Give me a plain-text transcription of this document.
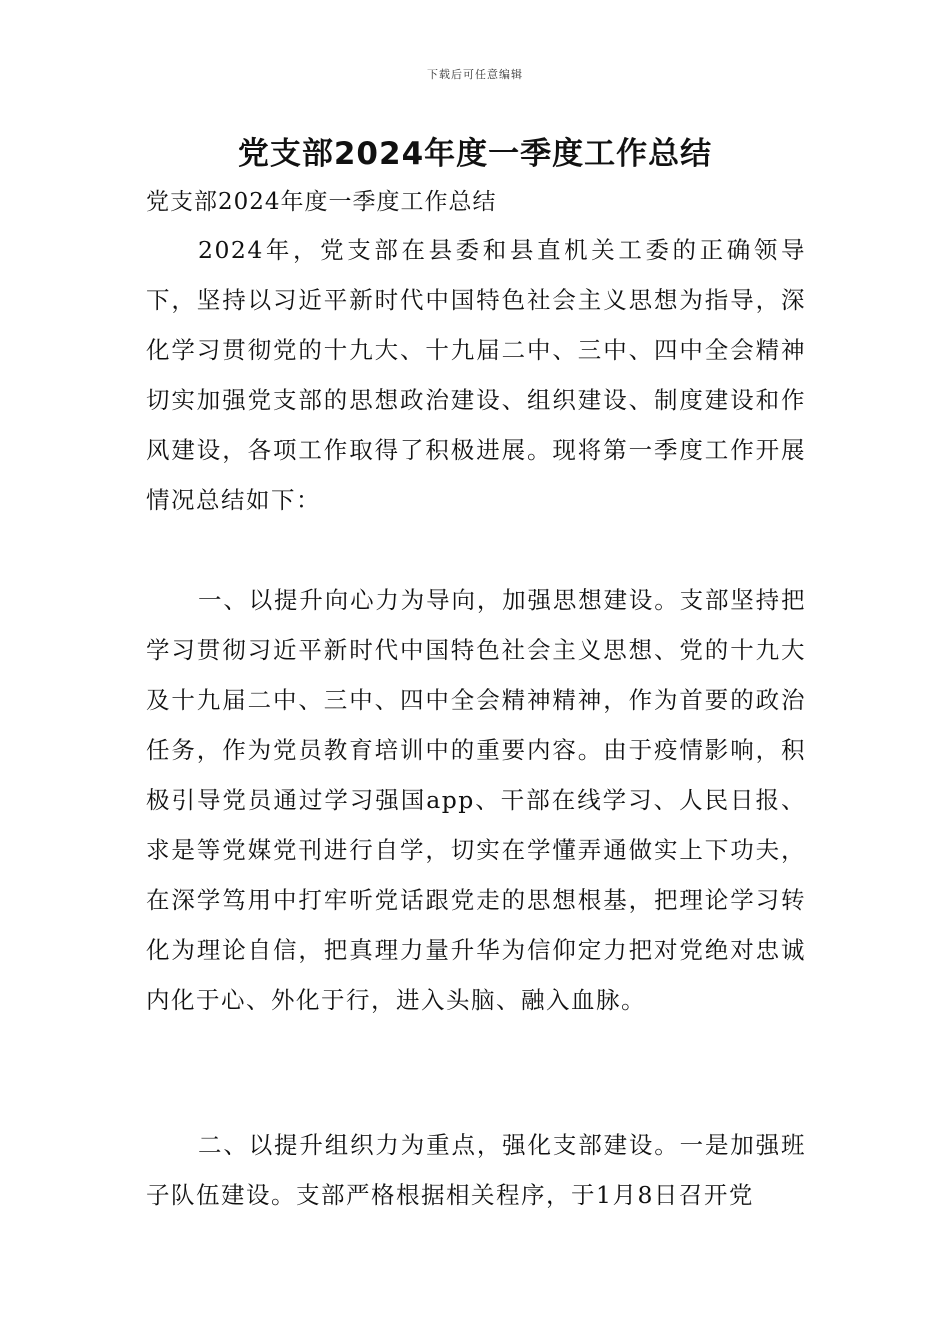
下载后可任意编辑
党支部2024年度一季度工作总结

党支部2024年度一季度工作总结

2024年，党支部在县委和县直机关工委的正确领导下，坚持以习近平新时代中国特色社会主义思想为指导，深化学习贯彻党的十九大、十九届二中、三中、四中全会精神切实加强党支部的思想政治建设、组织建设、制度建设和作风建设，各项工作取得了积极进展。现将第一季度工作开展情况总结如下：

一、以提升向心力为导向，加强思想建设。支部坚持把学习贯彻习近平新时代中国特色社会主义思想、党的十九大及十九届二中、三中、四中全会精神精神，作为首要的政治任务，作为党员教育培训中的重要内容。由于疫情影响，积极引导党员通过学习强国app、干部在线学习、人民日报、求是等党媒党刊进行自学，切实在学懂弄通做实上下功夫，在深学笃用中打牢听党话跟党走的思想根基，把理论学习转化为理论自信，把真理力量升华为信仰定力把对党绝对忠诚内化于心、外化于行，进入头脑、融入血脉。

二、以提升组织力为重点，强化支部建设。一是加强班子队伍建设。支部严格根据相关程序，于1月8日召开党
